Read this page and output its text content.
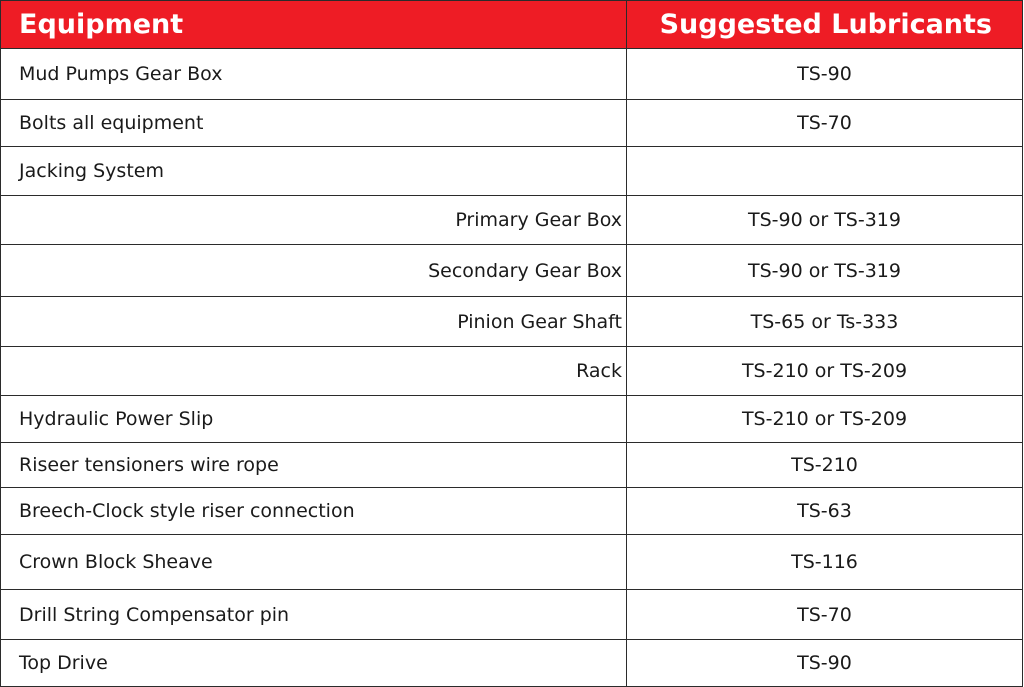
Equipment	Suggested Lubricants
Mud Pumps Gear Box	TS-90
Bolts all equipment	TS-70
Jacking System	
Primary Gear Box	TS-90 or TS-319
Secondary Gear Box	TS-90 or TS-319
Pinion Gear Shaft	TS-65 or Ts-333
Rack	TS-210 or TS-209
Hydraulic Power Slip	TS-210 or TS-209
Riseer tensioners wire rope	TS-210
Breech-Clock style riser connection	TS-63
Crown Block Sheave	TS-116
Drill String Compensator pin	TS-70
Top Drive	TS-90
